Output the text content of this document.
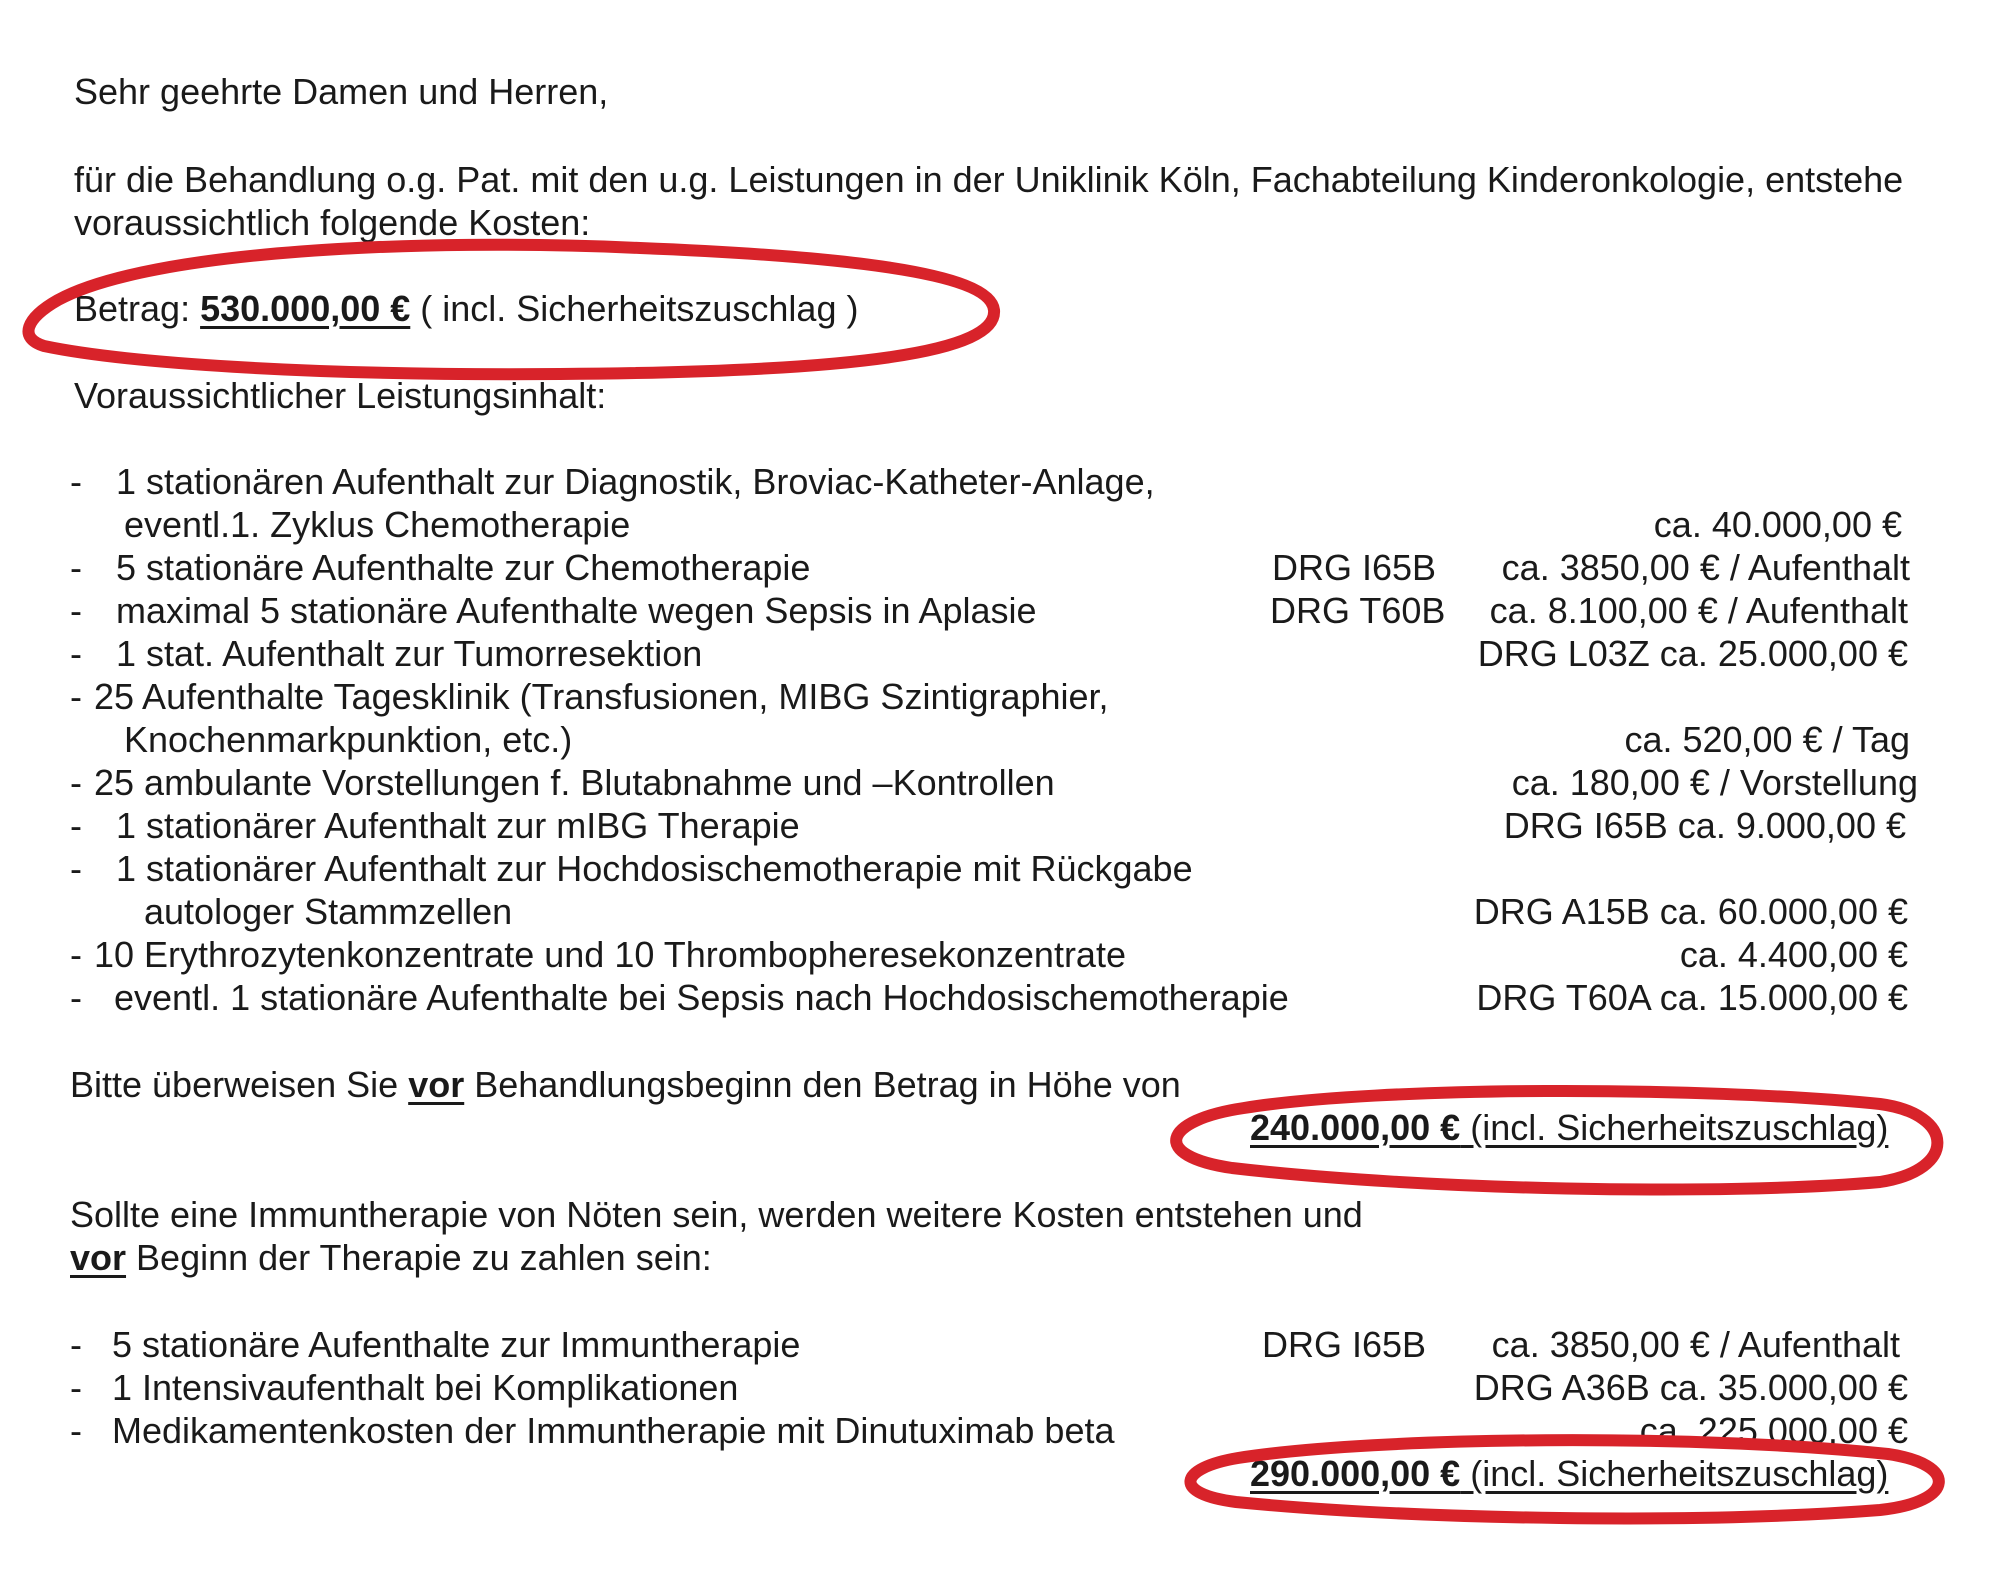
Sehr geehrte Damen und Herren,
für die Behandlung o.g. Pat. mit den u.g. Leistungen in der Uniklinik Köln, Fachabteilung Kinderonkologie, entstehe
voraussichtlich folgende Kosten:
Betrag: 530.000,00 € ( incl. Sicherheitszuschlag )
Voraussichtlicher Leistungsinhalt:
- 1 stationären Aufenthalt zur Diagnostik, Broviac-Katheter-Anlage,
eventl.1. Zyklus Chemotherapie	ca. 40.000,00 €
- 5 stationäre Aufenthalte zur Chemotherapie	DRG I65B ca. 3850,00 € / Aufenthalt
- maximal 5 stationäre Aufenthalte wegen Sepsis in Aplasie	DRG T60B ca. 8.100,00 € / Aufenthalt
- 1 stat. Aufenthalt zur Tumorresektion	DRG L03Z ca. 25.000,00 €
- 25 Aufenthalte Tagesklinik (Transfusionen, MIBG Szintigraphier,
Knochenmarkpunktion, etc.)	ca. 520,00 € / Tag
- 25 ambulante Vorstellungen f. Blutabnahme und –Kontrollen	ca. 180,00 € / Vorstellung
- 1 stationärer Aufenthalt zur mIBG Therapie	DRG I65B ca. 9.000,00 €
- 1 stationärer Aufenthalt zur Hochdosischemotherapie mit Rückgabe
autologer Stammzellen	DRG A15B ca. 60.000,00 €
- 10 Erythrozytenkonzentrate und 10 Thrombopheresekonzentrate	ca. 4.400,00 €
- eventl. 1 stationäre Aufenthalte bei Sepsis nach Hochdosischemotherapie	DRG T60A ca. 15.000,00 €
Bitte überweisen Sie vor Behandlungsbeginn den Betrag in Höhe von
240.000,00 € (incl. Sicherheitszuschlag)
Sollte eine Immuntherapie von Nöten sein, werden weitere Kosten entstehen und
vor Beginn der Therapie zu zahlen sein:
- 5 stationäre Aufenthalte zur Immuntherapie	DRG I65B ca. 3850,00 € / Aufenthalt
- 1 Intensivaufenthalt bei Komplikationen	DRG A36B ca. 35.000,00 €
- Medikamentenkosten der Immuntherapie mit Dinutuximab beta	ca. 225.000,00 €
290.000,00 € (incl. Sicherheitszuschlag)
